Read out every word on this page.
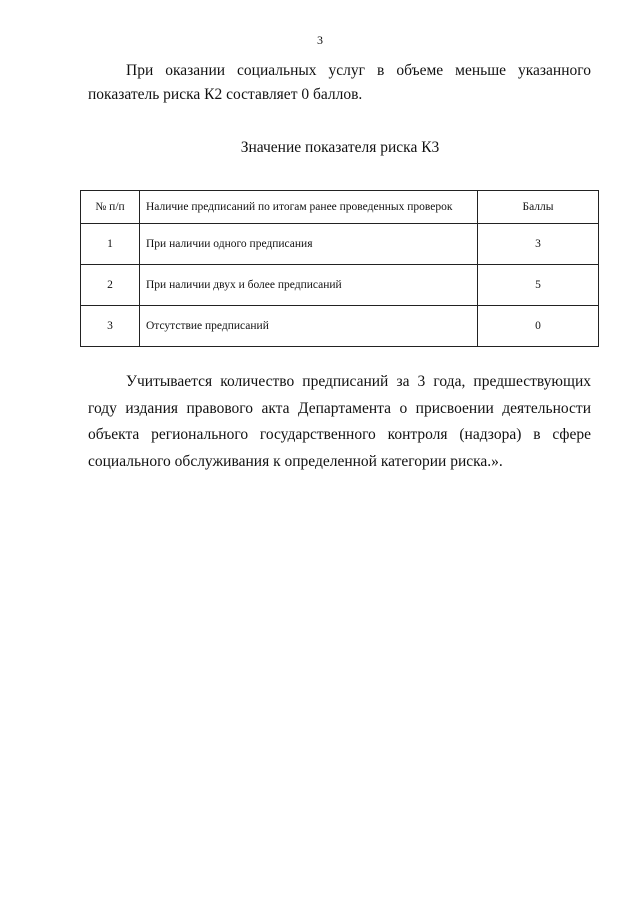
3

При оказании социальных услуг в объеме меньше указанного показатель риска К2 составляет 0 баллов.

Значение показателя риска К3
№ п/п	Наличие предписаний по итогам ранее проведенных проверок	Баллы
1	При наличии одного предписания	3
2	При наличии двух и более предписаний	5
3	Отсутствие предписаний	0

Учитывается количество предписаний за 3 года, предшествующих году издания правового акта Департамента о присвоении деятельности объекта регионального государственного контроля (надзора) в сфере социального обслуживания к определенной категории риска.».
